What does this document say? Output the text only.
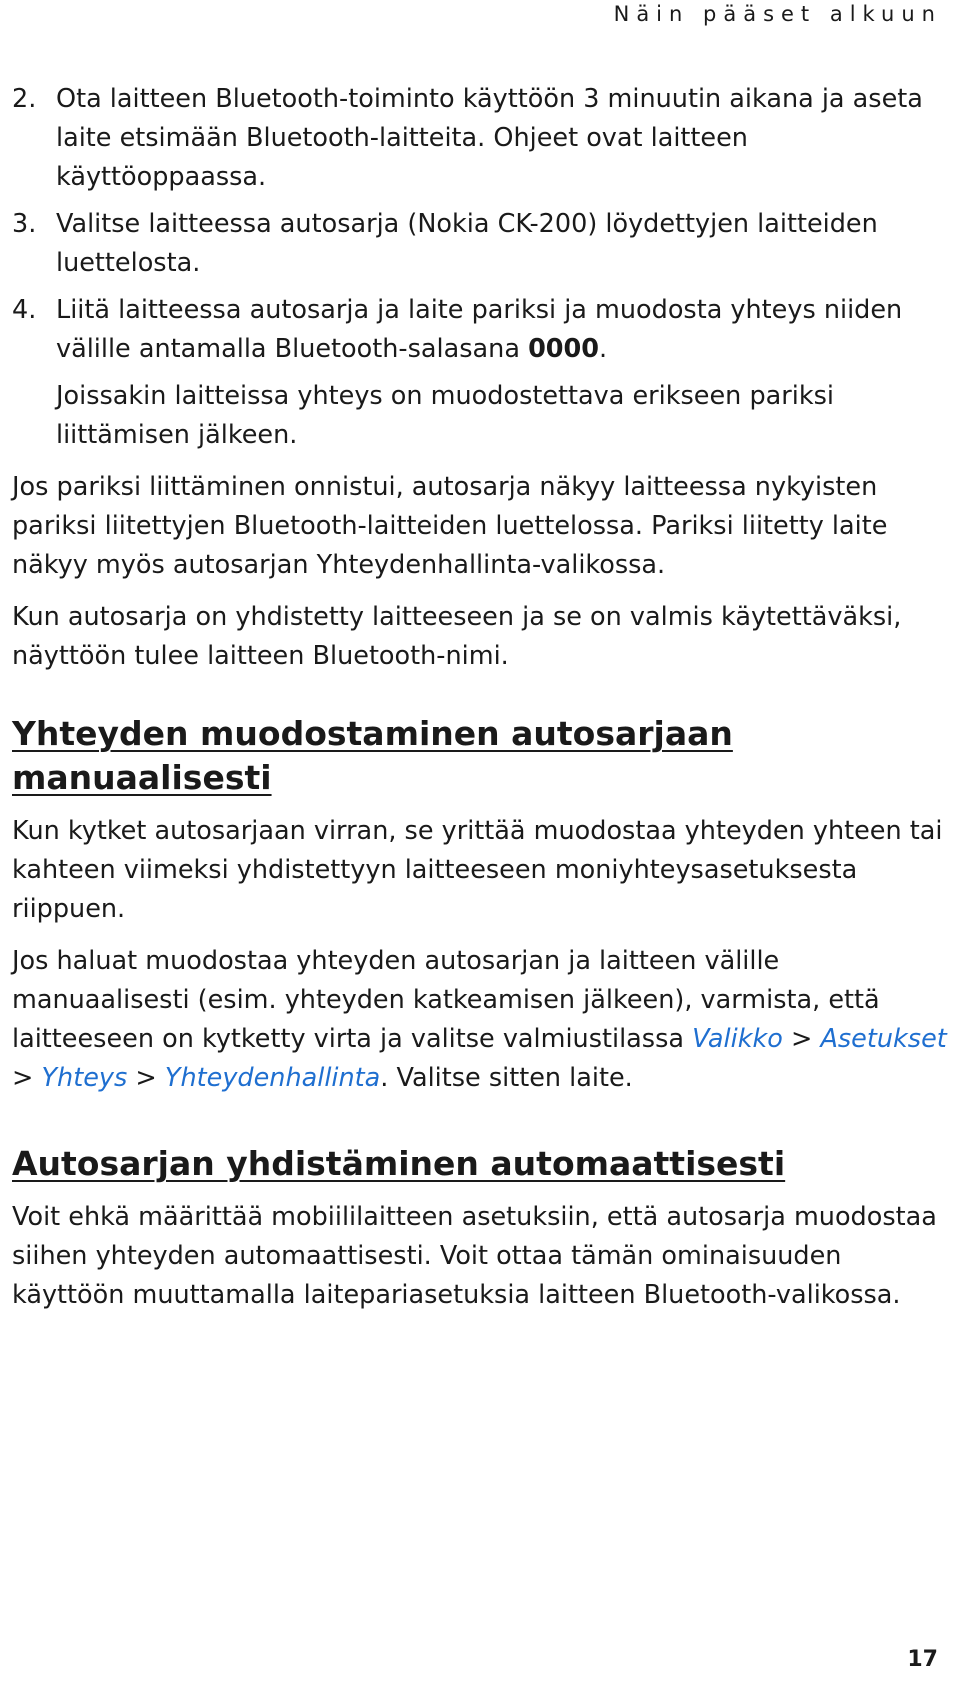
Näin pääset alkuun
2. Ota laitteen Bluetooth-toiminto käyttöön 3 minuutin aikana ja aseta laite etsimään Bluetooth-laitteita. Ohjeet ovat laitteen käyttöoppaassa.
3. Valitse laitteessa autosarja (Nokia CK-200) löydettyjen laitteiden luettelosta.
4. Liitä laitteessa autosarja ja laite pariksi ja muodosta yhteys niiden välille antamalla Bluetooth-salasana 0000.

Joissakin laitteissa yhteys on muodostettava erikseen pariksi liittämisen jälkeen.

Jos pariksi liittäminen onnistui, autosarja näkyy laitteessa nykyisten pariksi liitettyjen Bluetooth-laitteiden luettelossa. Pariksi liitetty laite näkyy myös autosarjan Yhteydenhallinta-valikossa.

Kun autosarja on yhdistetty laitteeseen ja se on valmis käytettäväksi, näyttöön tulee laitteen Bluetooth-nimi.

Yhteyden muodostaminen autosarjaan manuaalisesti

Kun kytket autosarjaan virran, se yrittää muodostaa yhteyden yhteen tai kahteen viimeksi yhdistettyyn laitteeseen moniyhteysasetuksesta riippuen.

Jos haluat muodostaa yhteyden autosarjan ja laitteen välille manuaalisesti (esim. yhteyden katkeamisen jälkeen), varmista, että laitteeseen on kytketty virta ja valitse valmiustilassa Valikko > Asetukset > Yhteys > Yhteydenhallinta. Valitse sitten laite.

Autosarjan yhdistäminen automaattisesti

Voit ehkä määrittää mobiililaitteen asetuksiin, että autosarja muodostaa siihen yhteyden automaattisesti. Voit ottaa tämän ominaisuuden käyttöön muuttamalla laitepariasetuksia laitteen Bluetooth-valikossa.

17
